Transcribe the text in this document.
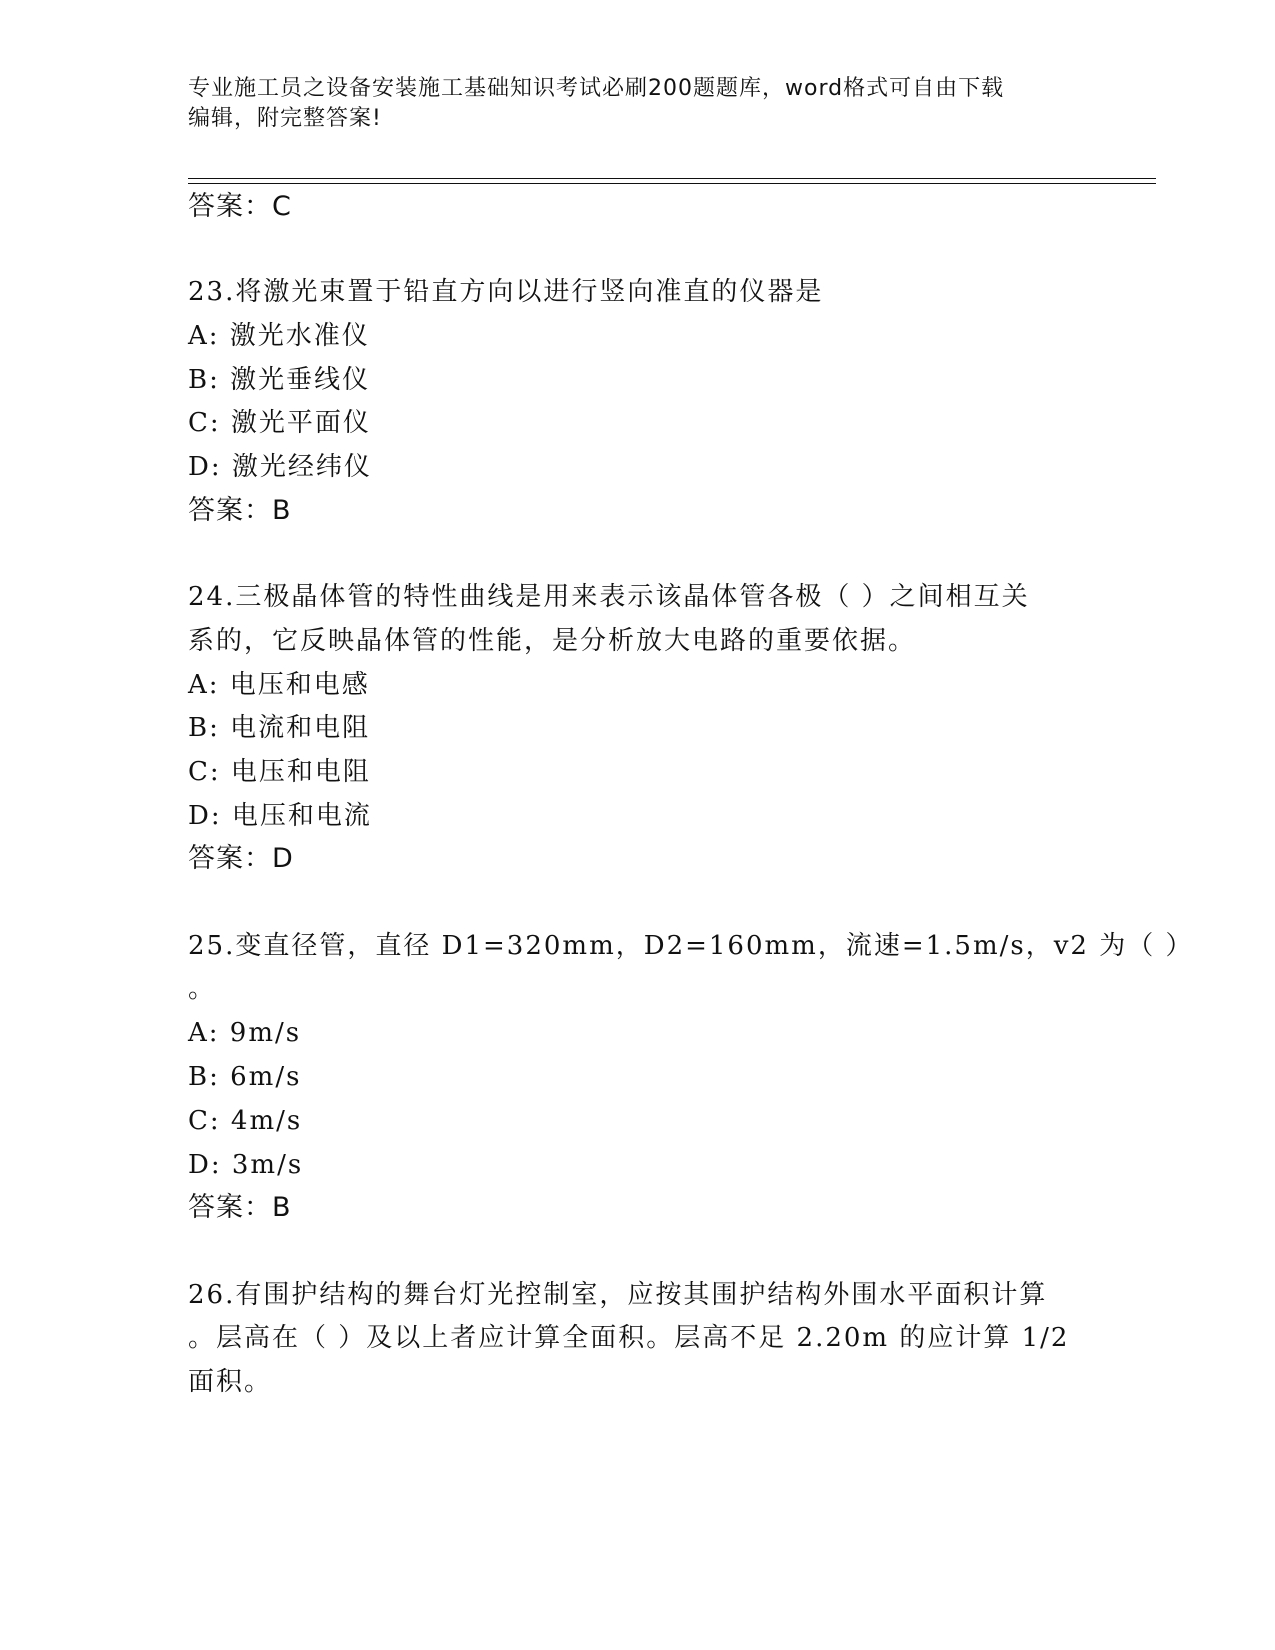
专业施工员之设备安装施工基础知识考试必刷200题题库，word格式可自由下载
编辑，附完整答案!
答案：C
23.将激光束置于铅直方向以进行竖向准直的仪器是
A: 激光水准仪
B: 激光垂线仪
C: 激光平面仪
D: 激光经纬仪
答案：B
24.三极晶体管的特性曲线是用来表示该晶体管各极（ ）之间相互关
系的，它反映晶体管的性能，是分析放大电路的重要依据。
A: 电压和电感
B: 电流和电阻
C: 电压和电阻
D: 电压和电流
答案：D
25.变直径管，直径 D1=320mm，D2=160mm，流速=1.5m/s，v2 为（ ）
。
A: 9m/s
B: 6m/s
C: 4m/s
D: 3m/s
答案：B
26.有围护结构的舞台灯光控制室，应按其围护结构外围水平面积计算
。层高在（ ）及以上者应计算全面积。层高不足 2.20m 的应计算 1/2
面积。
